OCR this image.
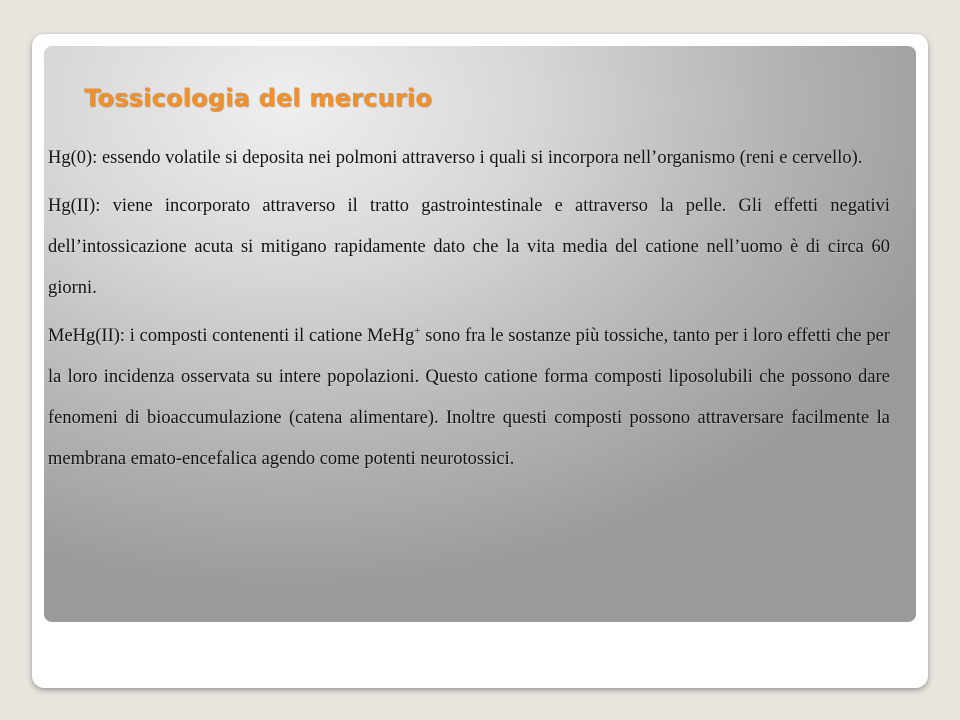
Tossicologia del mercurio

Hg(0): essendo volatile si deposita nei polmoni attraverso i quali si incorpora nell’organismo (reni e cervello).

Hg(II): viene incorporato attraverso il tratto gastrointestinale e attraverso la pelle. Gli effetti negativi dell’intossicazione acuta si mitigano rapidamente dato che la vita media del catione nell’uomo è di circa 60 giorni.

MeHg(II): i composti contenenti il catione MeHg+ sono fra le sostanze più tossiche, tanto per i loro effetti che per la loro incidenza osservata su intere popolazioni. Questo catione forma composti liposolubili che possono dare fenomeni di bioaccumulazione (catena alimentare). Inoltre questi composti possono attraversare facilmente la membrana emato-encefalica agendo come potenti neurotossici.
